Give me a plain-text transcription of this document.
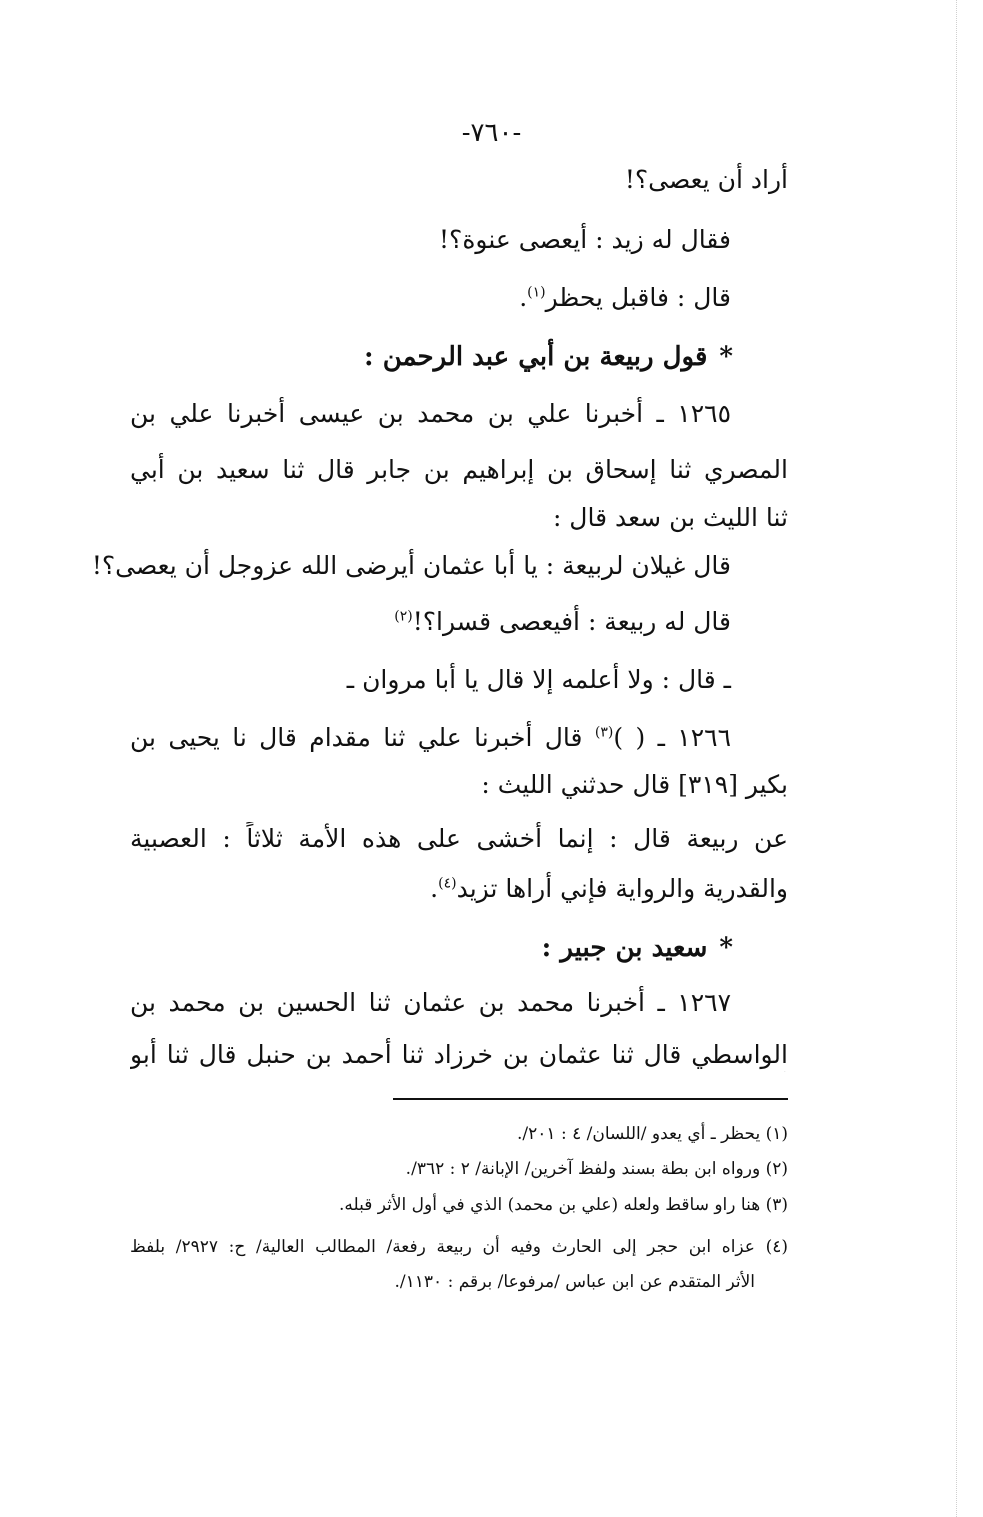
-٧٦٠-
أراد أن يعصى؟!
فقال له زيد : أيعصى عنوة؟!
قال : فاقبل يحظر$^{(١)}$.
*قول ربيعة بن أبي عبد الرحمن :
١٢٦٥ ـ أخبرنا علي بن محمد بن عيسى أخبرنا علي بن
المصري ثنا إسحاق بن إبراهيم بن جابر قال ثنا سعيد بن أبي
ثنا الليث بن سعد قال :
قال غيلان لربيعة : يا أبا عثمان أيرضى الله عزوجل أن يعصى؟!
قال له ربيعة : أفيعصى قسرا؟!$^{(٢)}$
ـ قال : ولا أعلمه إلا قال يا أبا مروان ـ
١٢٦٦ ـ ( )$^{(٣)}$ قال أخبرنا علي ثنا مقدام قال نا يحيى بن
بكير [٣١٩] قال حدثني الليث :
عن ربيعة قال : إنما أخشى على هذه الأمة ثلاثاً : العصبية
والقدرية والرواية فإني أراها تزيد$^{(٤)}$.
*سعيد بن جبير :
١٢٦٧ ـ أخبرنا محمد بن عثمان ثنا الحسين بن محمد بن
الواسطي قال ثنا عثمان بن خرزاد ثنا أحمد بن حنبل قال ثنا أبو
(١) يحظر ـ أي يعدو /اللسان/ ٤ : ٢٠١/.
(٢) ورواه ابن بطة بسند ولفظ آخرين/ الإبانة/ ٢ : ٣٦٢/.
(٣) هنا راو ساقط ولعله (علي بن محمد) الذي في أول الأثر قبله.
(٤) عزاه ابن حجر إلى الحارث وفيه أن ربيعة رفعة/ المطالب العالية/ ح: ٢٩٢٧/ بلفظ
الأثر المتقدم عن ابن عباس /مرفوعا/ برقم : ١١٣٠/.
